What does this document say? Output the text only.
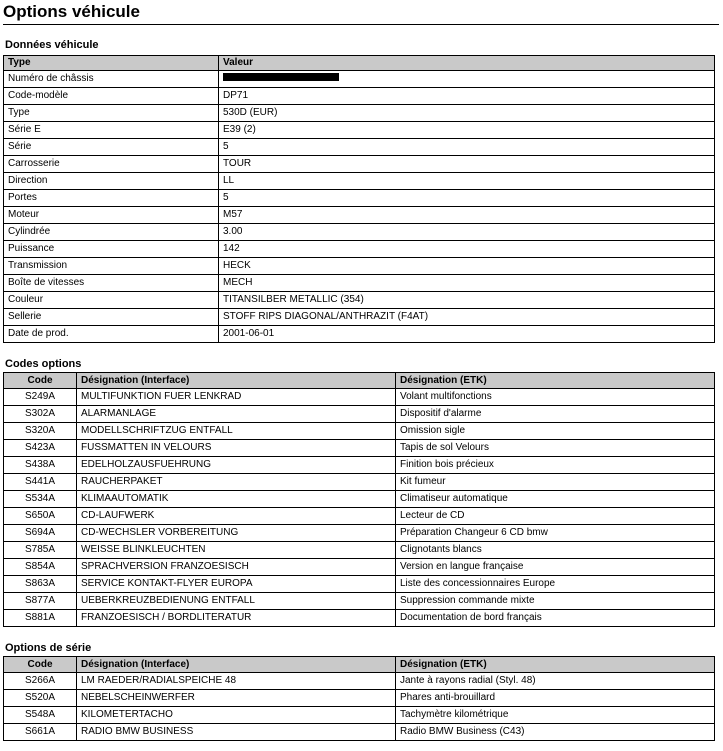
Options véhicule
Données véhicule
Type	Valeur
Numéro de châssis	
Code-modèle	DP71
Type	530D (EUR)
Série E	E39 (2)
Série	5
Carrosserie	TOUR
Direction	LL
Portes	5
Moteur	M57
Cylindrée	3.00
Puissance	142
Transmission	HECK
Boîte de vitesses	MECH
Couleur	TITANSILBER METALLIC (354)
Sellerie	STOFF RIPS DIAGONAL/ANTHRAZIT (F4AT)
Date de prod.	2001-06-01
Codes options
Code	Désignation (Interface)	Désignation (ETK)
S249A	MULTIFUNKTION FUER LENKRAD	Volant multifonctions
S302A	ALARMANLAGE	Dispositif d'alarme
S320A	MODELLSCHRIFTZUG ENTFALL	Omission sigle
S423A	FUSSMATTEN IN VELOURS	Tapis de sol Velours
S438A	EDELHOLZAUSFUEHRUNG	Finition bois précieux
S441A	RAUCHERPAKET	Kit fumeur
S534A	KLIMAAUTOMATIK	Climatiseur automatique
S650A	CD-LAUFWERK	Lecteur de CD
S694A	CD-WECHSLER VORBEREITUNG	Préparation Changeur 6 CD bmw
S785A	WEISSE BLINKLEUCHTEN	Clignotants blancs
S854A	SPRACHVERSION FRANZOESISCH	Version en langue française
S863A	SERVICE KONTAKT-FLYER EUROPA	Liste des concessionnaires Europe
S877A	UEBERKREUZBEDIENUNG ENTFALL	Suppression commande mixte
S881A	FRANZOESISCH / BORDLITERATUR	Documentation de bord français
Options de série
Code	Désignation (Interface)	Désignation (ETK)
S266A	LM RAEDER/RADIALSPEICHE 48	Jante à rayons radial (Styl. 48)
S520A	NEBELSCHEINWERFER	Phares anti-brouillard
S548A	KILOMETERTACHO	Tachymètre kilométrique
S661A	RADIO BMW BUSINESS	Radio BMW Business (C43)
